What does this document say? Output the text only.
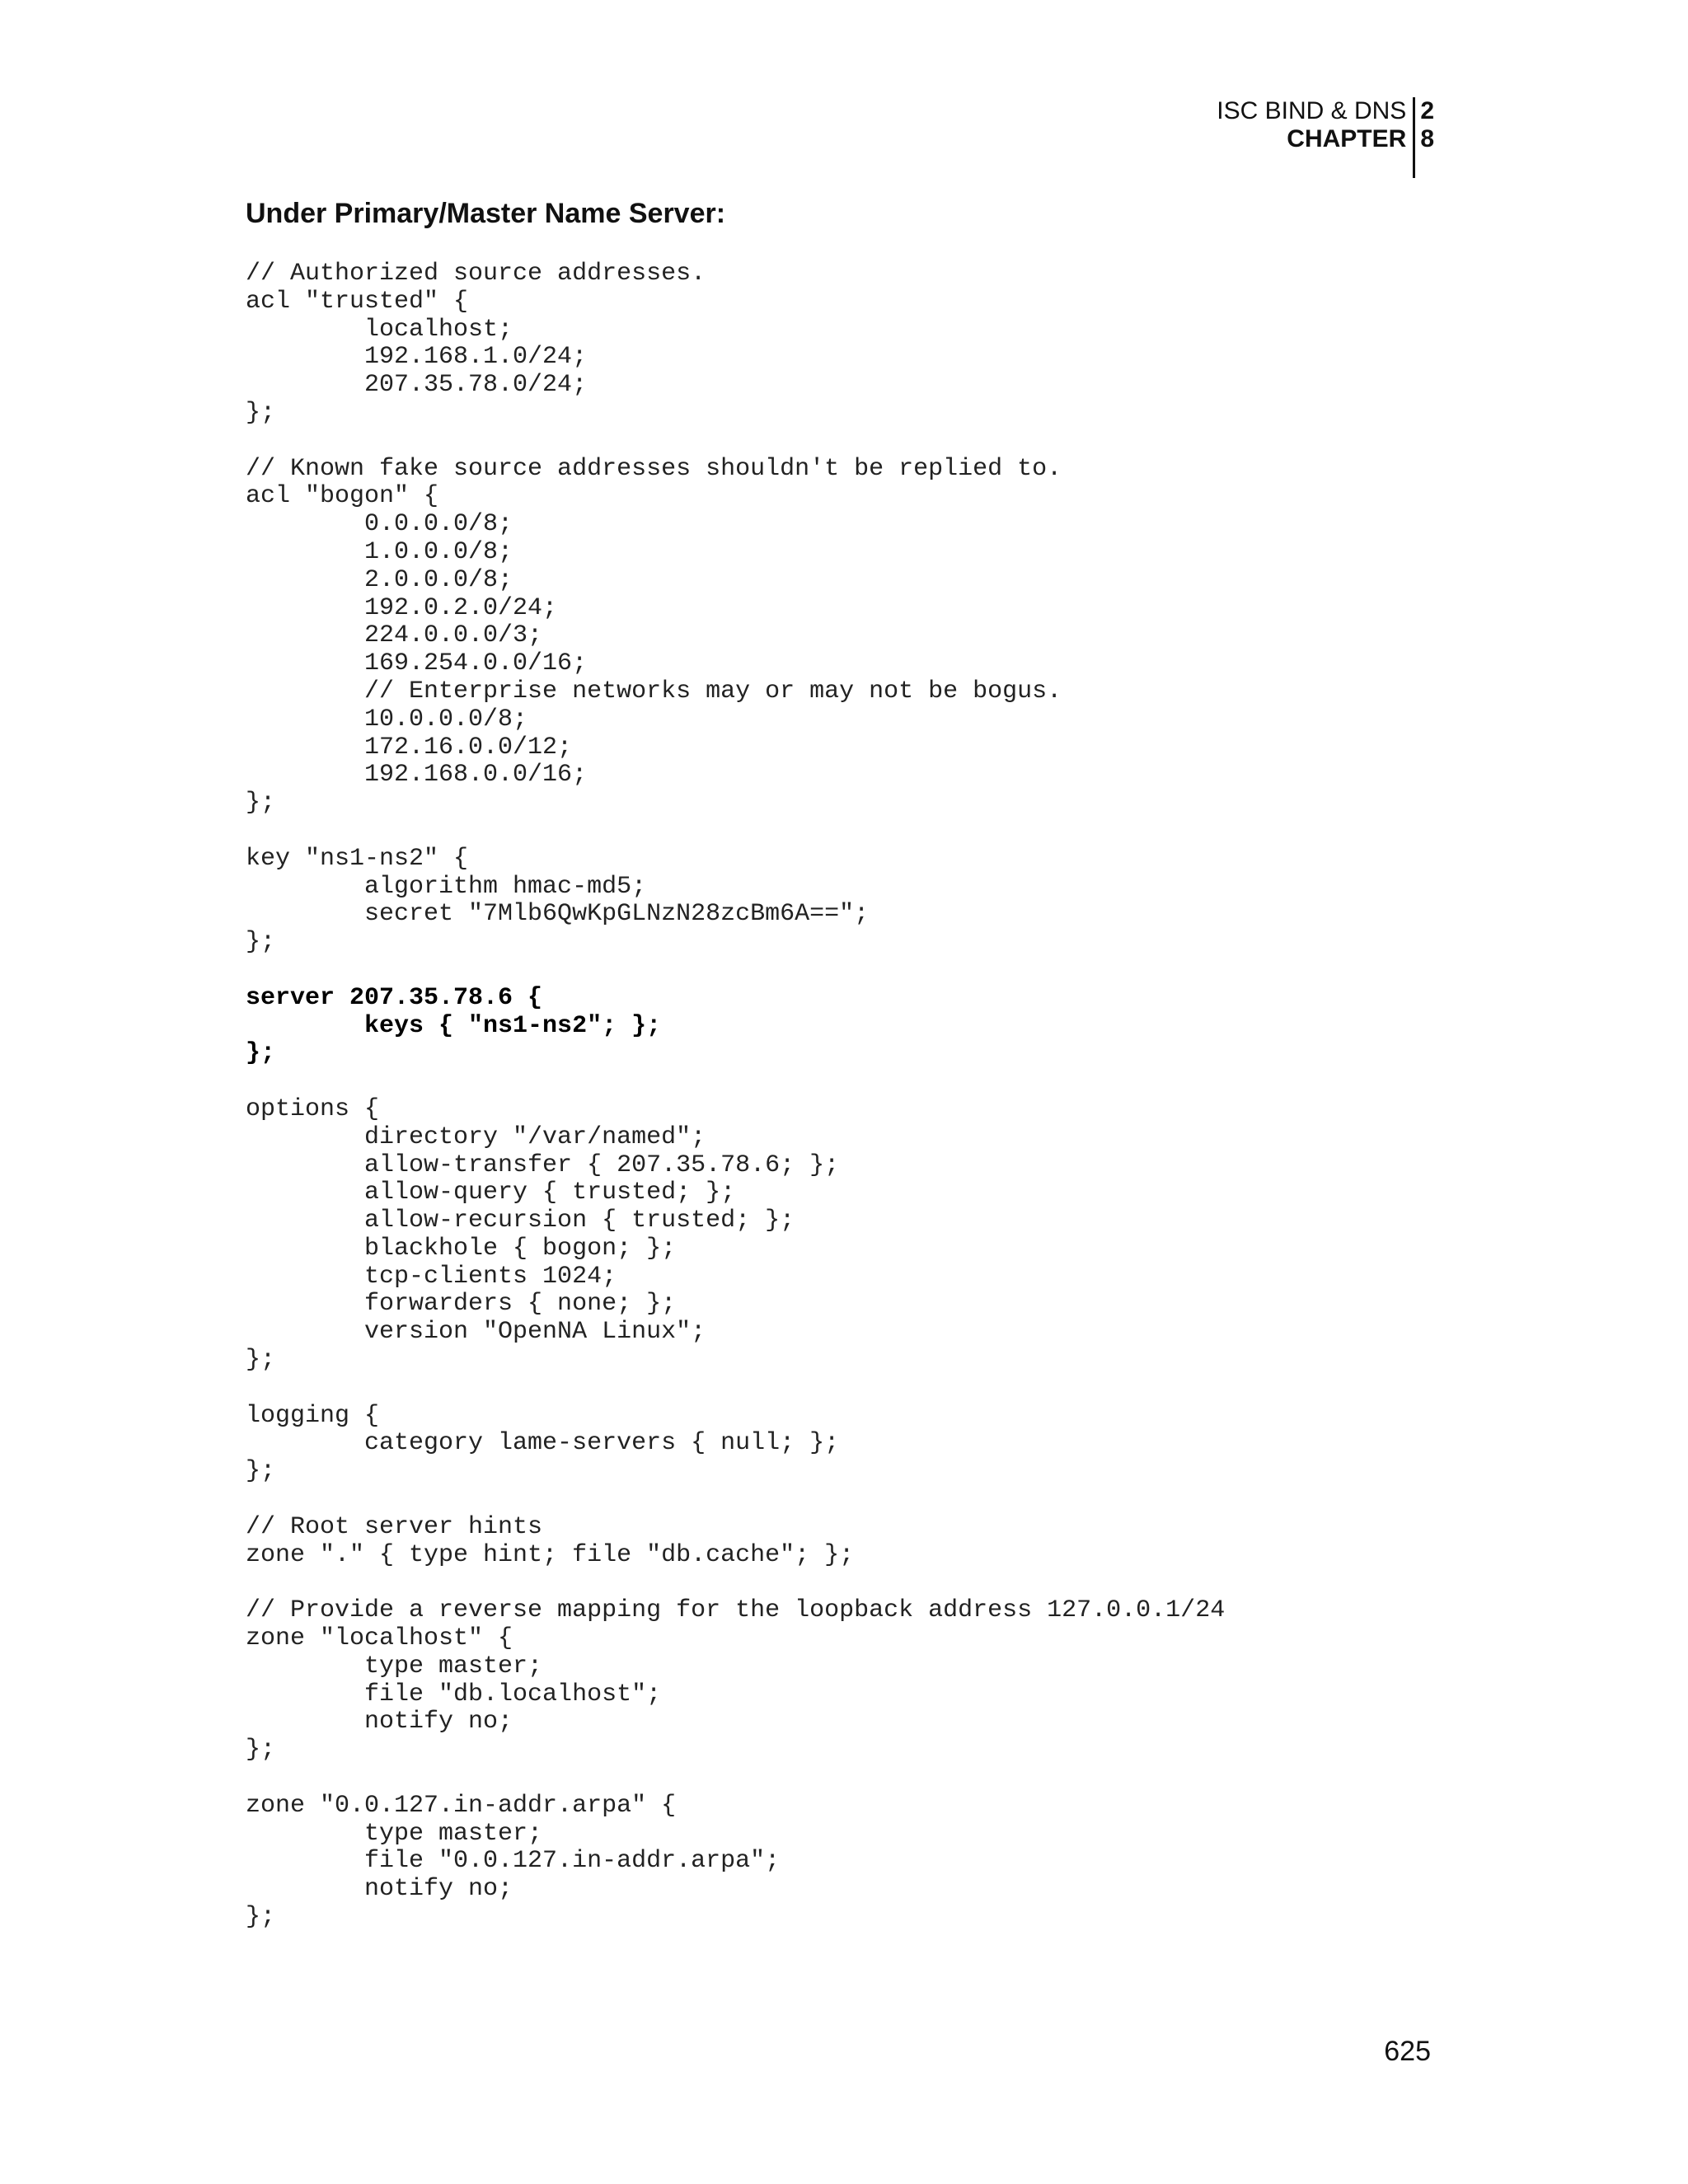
ISC BIND & DNS
CHAPTER
2
8
Under Primary/Master Name Server:
// Authorized source addresses.
acl "trusted" {
localhost;
192.168.1.0/24;
207.35.78.0/24;
};
// Known fake source addresses shouldn't be replied to.
acl "bogon" {
0.0.0.0/8;
1.0.0.0/8;
2.0.0.0/8;
192.0.2.0/24;
224.0.0.0/3;
169.254.0.0/16;
// Enterprise networks may or may not be bogus.
10.0.0.0/8;
172.16.0.0/12;
192.168.0.0/16;
};
key "ns1-ns2" {
algorithm hmac-md5;
secret "7Mlb6QwKpGLNzN28zcBm6A==";
};
server 207.35.78.6 {
keys { "ns1-ns2"; };
};
options {
directory "/var/named";
allow-transfer { 207.35.78.6; };
allow-query { trusted; };
allow-recursion { trusted; };
blackhole { bogon; };
tcp-clients 1024;
forwarders { none; };
version "OpenNA Linux";
};
logging {
category lame-servers { null; };
};
// Root server hints
zone "." { type hint; file "db.cache"; };
// Provide a reverse mapping for the loopback address 127.0.0.1/24
zone "localhost" {
type master;
file "db.localhost";
notify no;
};
zone "0.0.127.in-addr.arpa" {
type master;
file "0.0.127.in-addr.arpa";
notify no;
};
625
